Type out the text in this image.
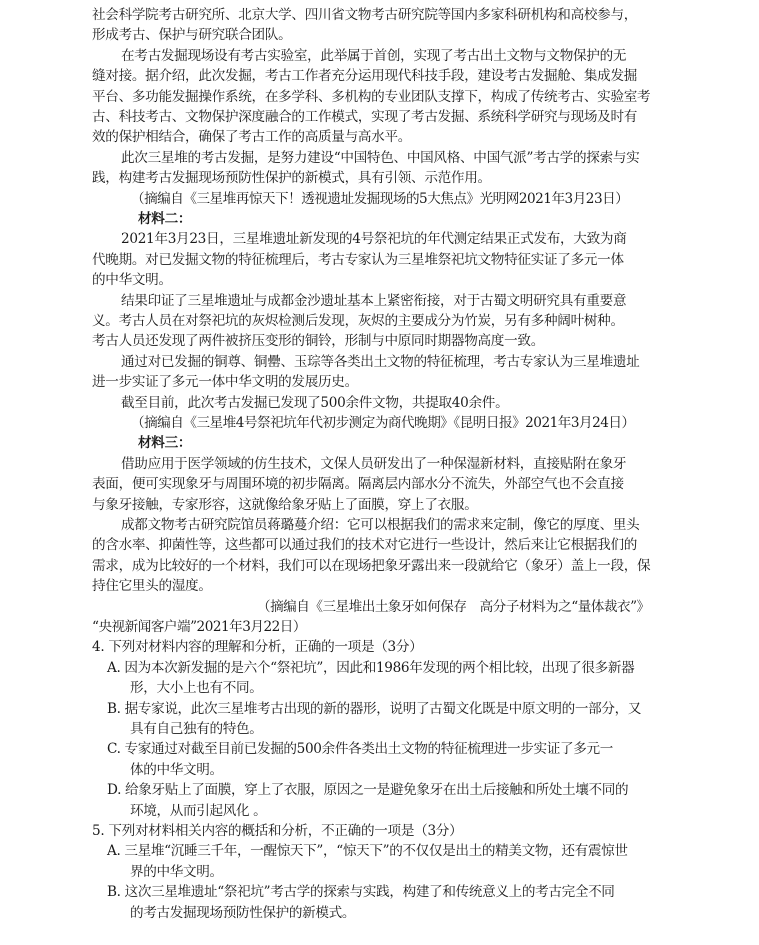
社会科学院考古研究所、北京大学、四川省文物考古研究院等国内多家科研机构和高校参与，
形成考古、保护与研究联合团队。
在考古发掘现场设有考古实验室，此举属于首创，实现了考古出土文物与文物保护的无
缝对接。据介绍，此次发掘，考古工作者充分运用现代科技手段，建设考古发掘舱、集成发掘
平台、多功能发掘操作系统，在多学科、多机构的专业团队支撑下，构成了传统考古、实验室考
古、科技考古、文物保护深度融合的工作模式，实现了考古发掘、系统科学研究与现场及时有
效的保护相结合，确保了考古工作的高质量与高水平。
此次三星堆的考古发掘，是努力建设“中国特色、中国风格、中国气派”考古学的探索与实
践，构建考古发掘现场预防性保护的新模式，具有引领、示范作用。
（摘编自《三星堆再惊天下！透视遗址发掘现场的5大焦点》光明网2021年3月23日）
材料二：
2021年3月23日，三星堆遗址新发现的4号祭祀坑的年代测定结果正式发布，大致为商
代晚期。对已发掘文物的特征梳理后，考古专家认为三星堆祭祀坑文物特征实证了多元一体
的中华文明。
结果印证了三星堆遗址与成都金沙遗址基本上紧密衔接，对于古蜀文明研究具有重要意
义。考古人员在对祭祀坑的灰烬检测后发现，灰烬的主要成分为竹炭，另有多种阔叶树种。
考古人员还发现了两件被挤压变形的铜铃，形制与中原同时期器物高度一致。
通过对已发掘的铜尊、铜罍、玉琮等各类出土文物的特征梳理，考古专家认为三星堆遗址
进一步实证了多元一体中华文明的发展历史。
截至目前，此次考古发掘已发现了500余件文物，共提取40余件。
（摘编自《三星堆4号祭祀坑年代初步测定为商代晚期》《昆明日报》2021年3月24日）
材料三：
借助应用于医学领域的仿生技术，文保人员研发出了一种保湿新材料，直接贴附在象牙
表面，便可实现象牙与周围环境的初步隔离。隔离层内部水分不流失，外部空气也不会直接
与象牙接触，专家形容，这就像给象牙贴上了面膜，穿上了衣服。
成都文物考古研究院馆员蒋璐蔓介绍：它可以根据我们的需求来定制，像它的厚度、里头
的含水率、抑菌性等，这些都可以通过我们的技术对它进行一些设计，然后来让它根据我们的
需求，成为比较好的一个材料，我们可以在现场把象牙露出来一段就给它（象牙）盖上一段，保
持住它里头的湿度。
（摘编自《三星堆出土象牙如何保存　高分子材料为之“量体裁衣”》
“央视新闻客户端”2021年3月22日）
4. 下列对材料内容的理解和分析，正确的一项是（3分）
A. 因为本次新发掘的是六个“祭祀坑”，因此和1986年发现的两个相比较，出现了很多新器
形，大小上也有不同。
B. 据专家说，此次三星堆考古出现的新的器形，说明了古蜀文化既是中原文明的一部分，又
具有自己独有的特色。
C. 专家通过对截至目前已发掘的500余件各类出土文物的特征梳理进一步实证了多元一
体的中华文明。
D. 给象牙贴上了面膜，穿上了衣服，原因之一是避免象牙在出土后接触和所处土壤不同的
环境，从而引起风化 。
5. 下列对材料相关内容的概括和分析，不正确的一项是（3分）
A. 三星堆“沉睡三千年，一醒惊天下”，“惊天下”的不仅仅是出土的精美文物，还有震惊世
界的中华文明。
B. 这次三星堆遗址“祭祀坑”考古学的探索与实践，构建了和传统意义上的考古完全不同
的考古发掘现场预防性保护的新模式。
